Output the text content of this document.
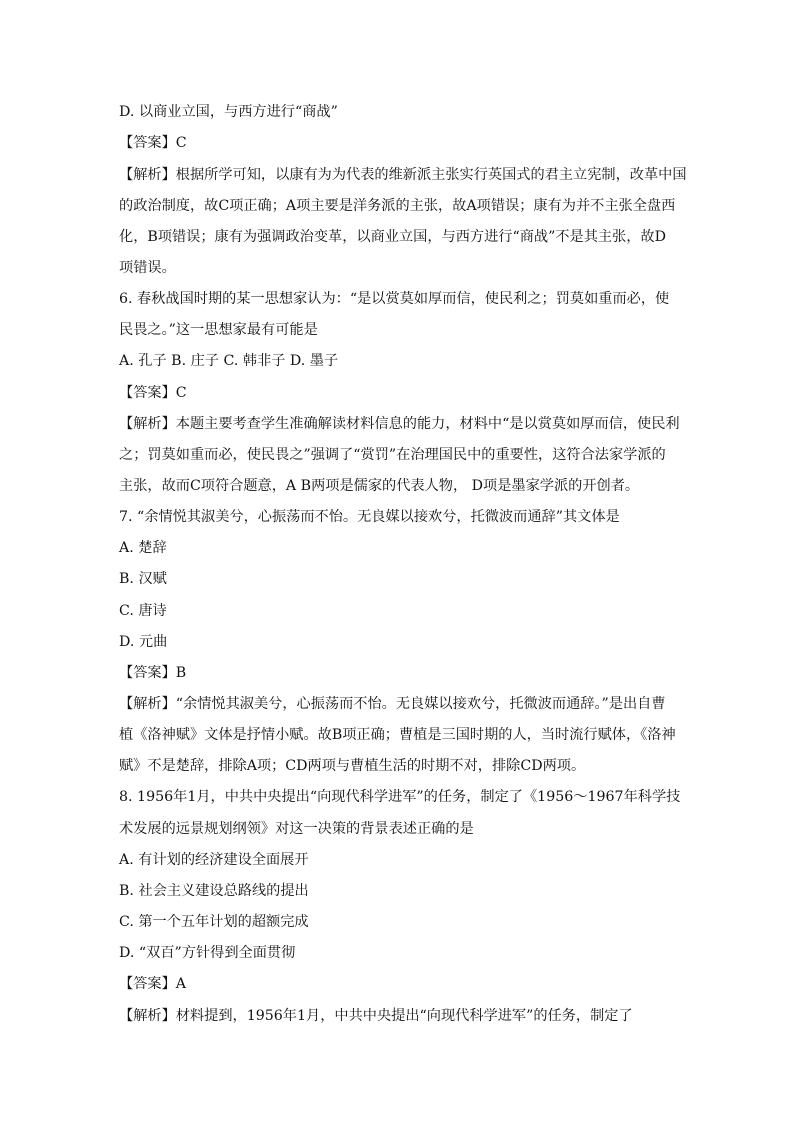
D. 以商业立国，与西方进行“商战”
【答案】C
【解析】根据所学可知，以康有为为代表的维新派主张实行英国式的君主立宪制，改革中国
的政治制度，故C项正确；A项主要是洋务派的主张，故A项错误；康有为并不主张全盘西
化，B项错误；康有为强调政治变革，以商业立国，与西方进行“商战”不是其主张，故D
项错误。
6. 春秋战国时期的某一思想家认为：“是以赏莫如厚而信，使民利之；罚莫如重而必，使
民畏之。”这一思想家最有可能是
A. 孔子 B. 庄子 C. 韩非子 D. 墨子
【答案】C
【解析】本题主要考查学生准确解读材料信息的能力，材料中“是以赏莫如厚而信，使民利
之；罚莫如重而必，使民畏之”强调了“赏罚”在治理国民中的重要性，这符合法家学派的
主张，故而C项符合题意，A B两项是儒家的代表人物， D项是墨家学派的开创者。
7. “余情悦其淑美兮，心振荡而不怡。无良媒以接欢兮，托微波而通辞”其文体是
A. 楚辞
B. 汉赋
C. 唐诗
D. 元曲
【答案】B
【解析】“余情悦其淑美兮，心振荡而不怡。无良媒以接欢兮，托微波而通辞。”是出自曹
植《洛神赋》文体是抒情小赋。故B项正确；曹植是三国时期的人，当时流行赋体，《洛神
赋》不是楚辞，排除A项；CD两项与曹植生活的时期不对，排除CD两项。
8. 1956年1月，中共中央提出“向现代科学进军”的任务，制定了《1956～1967年科学技
术发展的远景规划纲领》对这一决策的背景表述正确的是
A. 有计划的经济建设全面展开
B. 社会主义建设总路线的提出
C. 第一个五年计划的超额完成
D. “双百”方针得到全面贯彻
【答案】A
【解析】材料提到，1956年1月，中共中央提出“向现代科学进军”的任务，制定了
